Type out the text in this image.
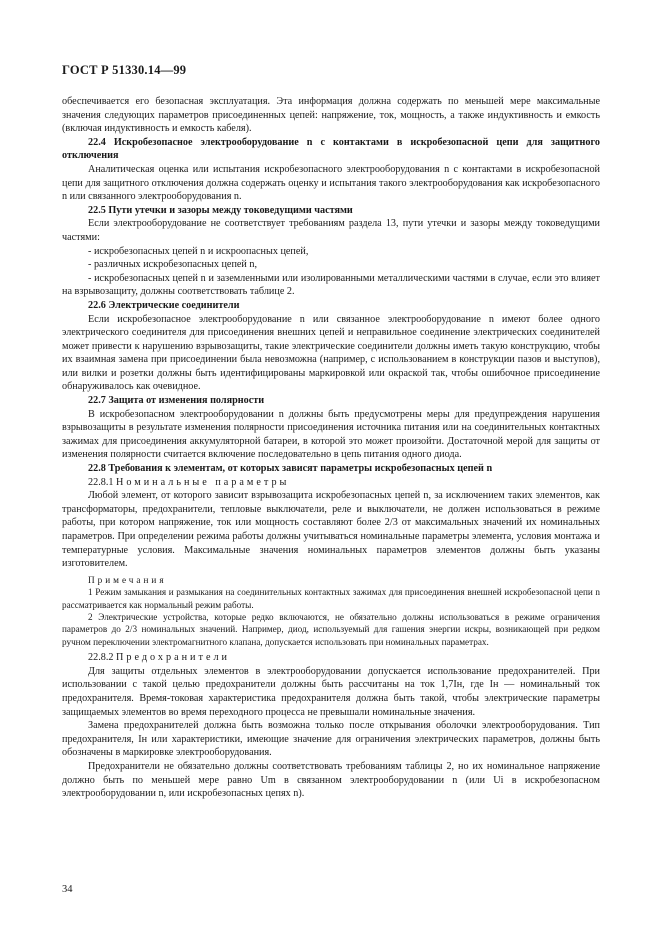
ГОСТ Р 51330.14—99

обеспечивается его безопасная эксплуатация. Эта информация должна содержать по меньшей мере максимальные значения следующих параметров присоединенных цепей: напряжение, ток, мощность, а также индуктивность и емкость (включая индуктивность и емкость кабеля).

22.4 Искробезопасное электрооборудование n с контактами в искробезопасной цепи для защитного отключения

Аналитическая оценка или испытания искробезопасного электрооборудования n с контактами в искробезопасной цепи для защитного отключения должна содержать оценку и испытания такого электрооборудования как искробезопасного n или связанного электрооборудования n.

22.5 Пути утечки и зазоры между токоведущими частями

Если электрооборудование не соответствует требованиям раздела 13, пути утечки и зазоры между токоведущими частями:

- искробезопасных цепей n и искроопасных цепей,

- различных искробезопасных цепей n,

- искробезопасных цепей n и заземленными или изолированными металлическими частями в случае, если это влияет на взрывозащиту, должны соответствовать таблице 2.

22.6 Электрические соединители

Если искробезопасное электрооборудование n или связанное электрооборудование n имеют более одного электрического соединителя для присоединения внешних цепей и неправильное соединение электрических соединителей может привести к нарушению взрывозащиты, такие электрические соединители должны иметь такую конструкцию, чтобы их взаимная замена при присоединении была невозможна (например, с использованием в конструкции пазов и выступов), или вилки и розетки должны быть идентифицированы маркировкой или окраской так, чтобы ошибочное присоединение обнаруживалось как очевидное.

22.7 Защита от изменения полярности

В искробезопасном электрооборудовании n должны быть предусмотрены меры для предупреждения нарушения взрывозащиты в результате изменения полярности присоединения источника питания или на соединительных контактных зажимах для присоединения аккумуляторной батареи, в которой это может произойти. Достаточной мерой для защиты от изменения полярности считается включение последовательно в цепь питания одного диода.

22.8 Требования к элементам, от которых зависят параметры искробезопасных цепей n

22.8.1 Номинальные параметры

Любой элемент, от которого зависит взрывозащита искробезопасных цепей n, за исключением таких элементов, как трансформаторы, предохранители, тепловые выключатели, реле и выключатели, не должен использоваться в режиме работы, при котором напряжение, ток или мощность составляют более 2/3 от максимальных значений их номинальных параметров. При определении режима работы должны учитываться номинальные параметры элемента, условия монтажа и температурные условия. Максимальные значения номинальных параметров элементов должны быть указаны изготовителем.

Примечания

1 Режим замыкания и размыкания на соединительных контактных зажимах для присоединения внешней искробезопасной цепи n рассматривается как нормальный режим работы.

2 Электрические устройства, которые редко включаются, не обязательно должны использоваться в режиме ограничения параметров до 2/3 номинальных значений. Например, диод, используемый для гашения энергии искры, возникающей при редком ручном переключении электромагнитного клапана, допускается использовать при номинальных параметрах.

22.8.2 Предохранители

Для защиты отдельных элементов в электрооборудовании допускается использование предохранителей. При использовании с такой целью предохранители должны быть рассчитаны на ток 1,7Iн, где Iн — номинальный ток предохранителя. Время-токовая характеристика предохранителя должна быть такой, чтобы электрические параметры защищаемых элементов во время переходного процесса не превышали номинальные значения.

Замена предохранителей должна быть возможна только после открывания оболочки электрооборудования. Тип предохранителя, Iн или характеристики, имеющие значение для ограничения электрических параметров, должны быть обозначены в маркировке электрооборудования.

Предохранители не обязательно должны соответствовать требованиям таблицы 2, но их номинальное напряжение должно быть по меньшей мере равно Um в связанном электрооборудовании n (или Ui в искробезопасном электрооборудовании n, или искробезопасных цепях n).

34
